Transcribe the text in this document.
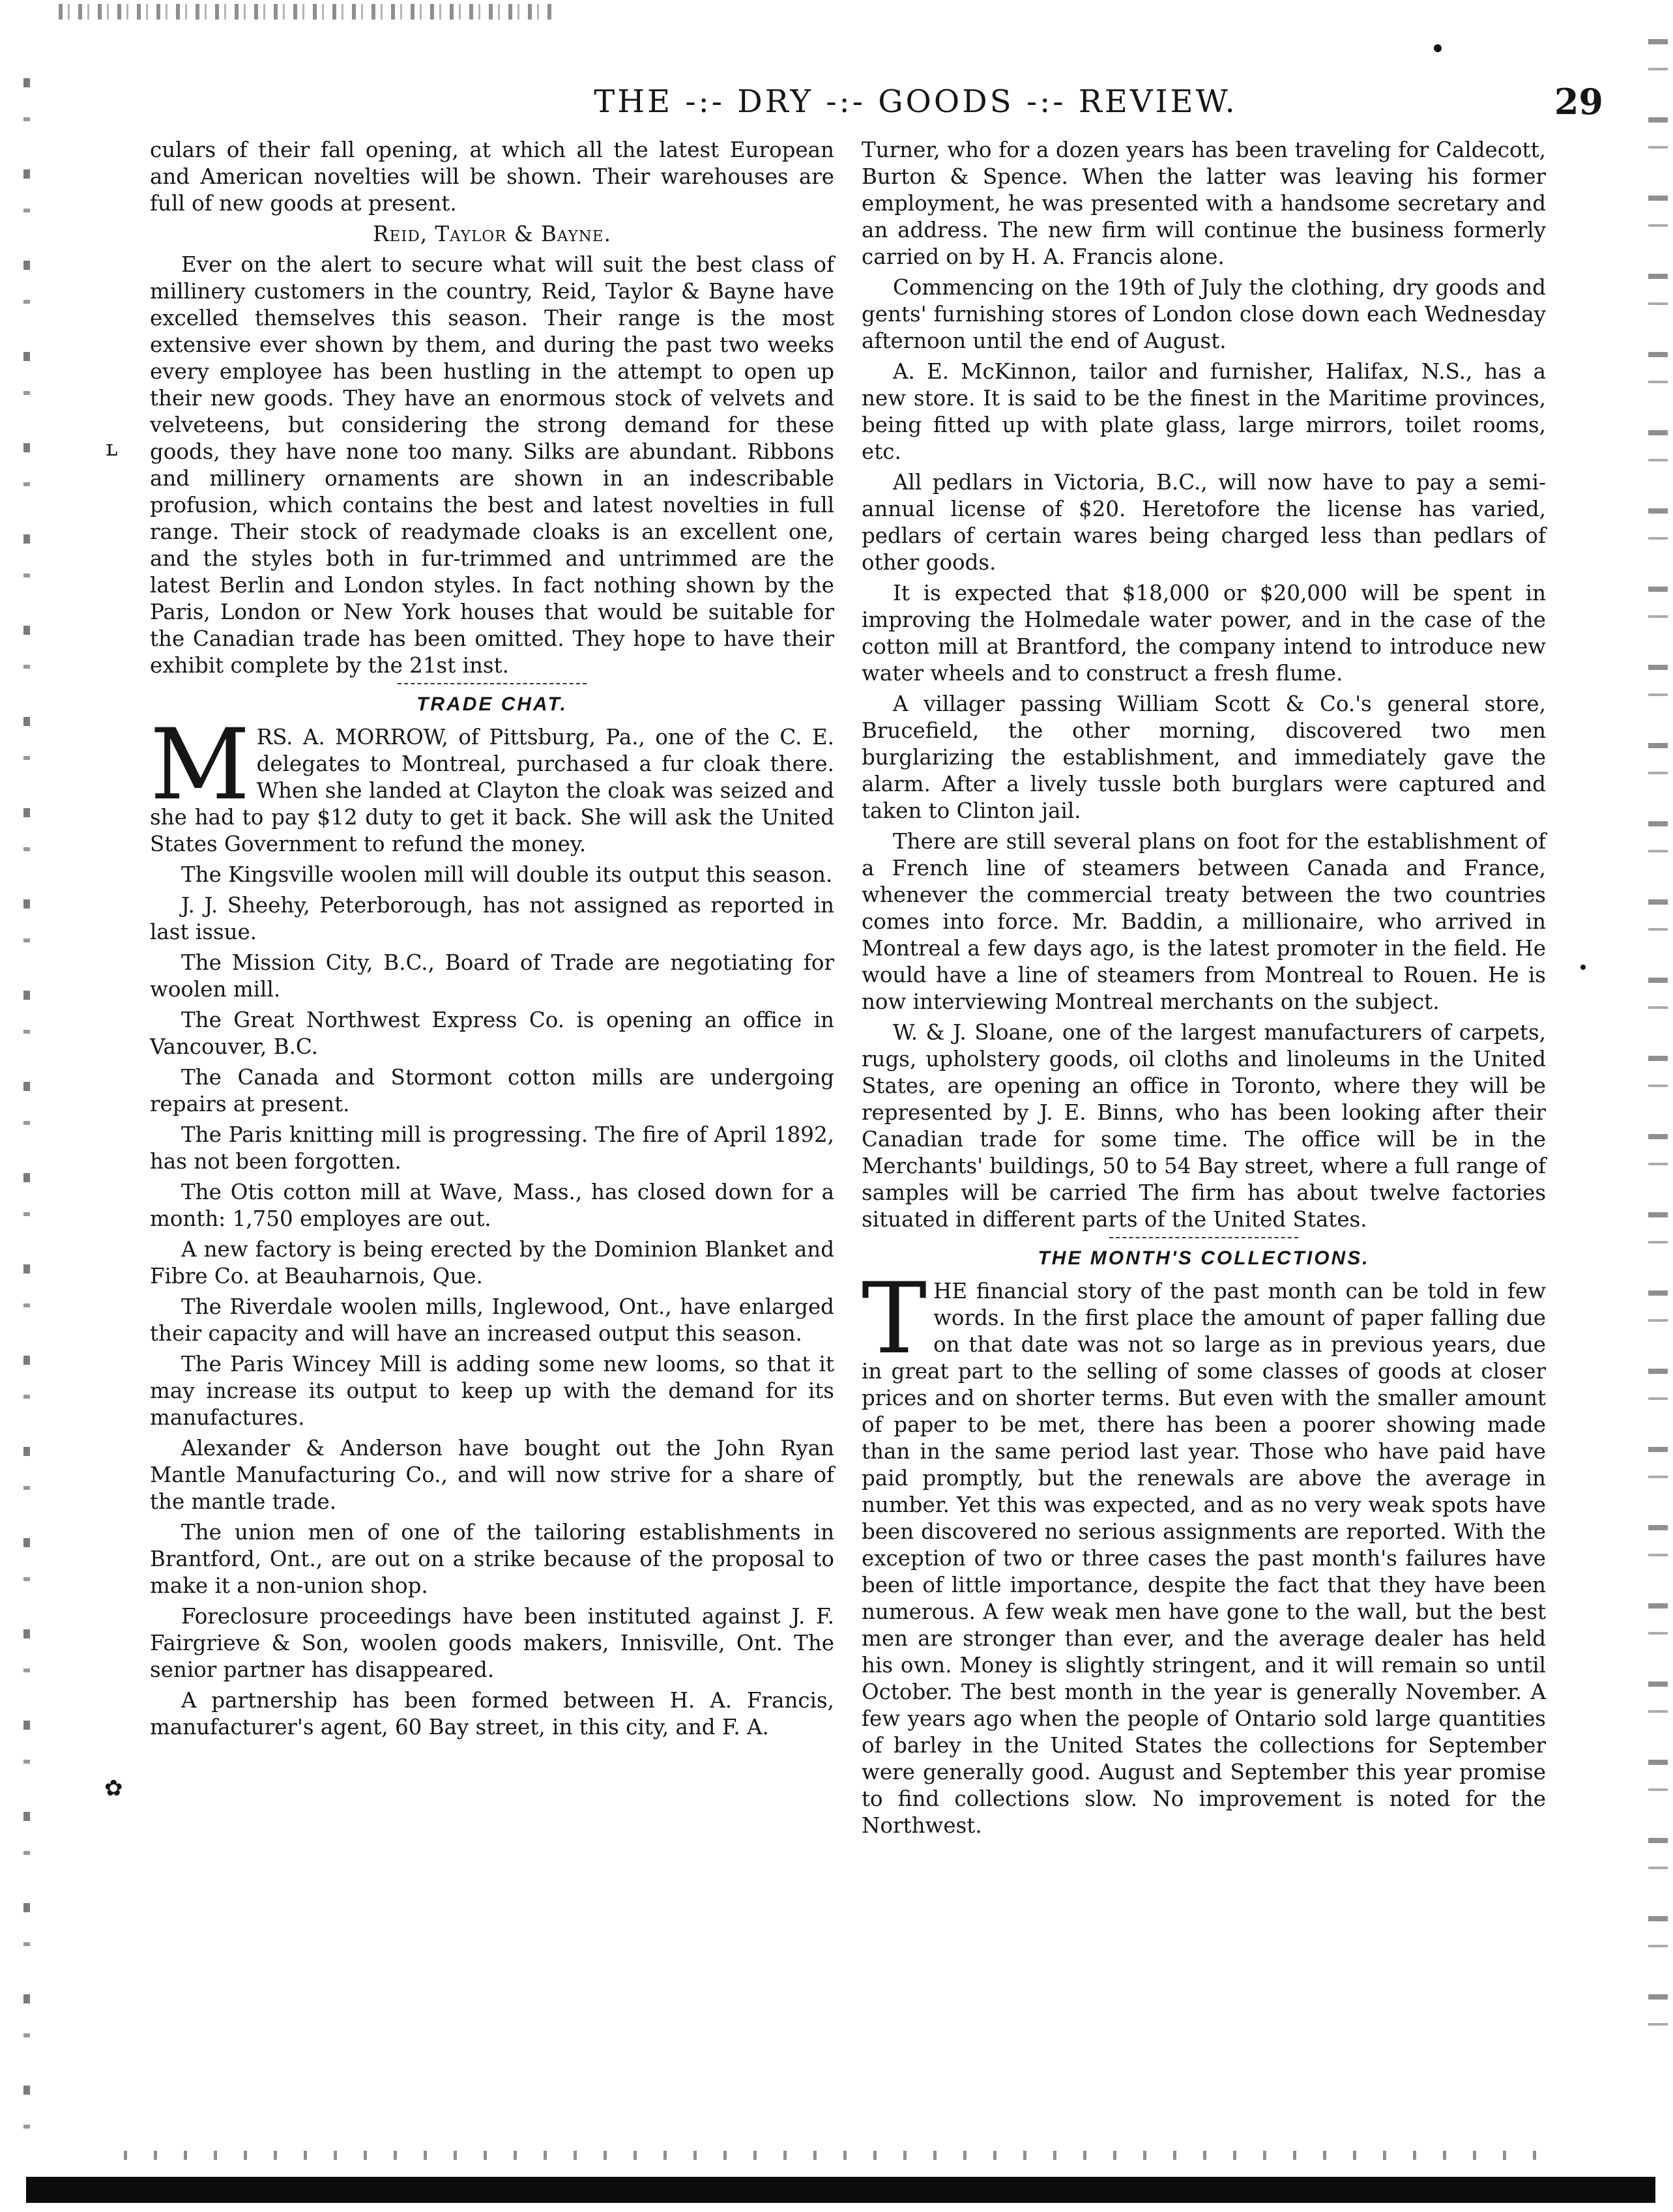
ʟ
✿
THE -:- DRY -:- GOODS -:- REVIEW.	29

culars of their fall opening, at which all the latest European and American novelties will be shown. Their warehouses are full of new goods at present.

Reid, Taylor & Bayne.

Ever on the alert to secure what will suit the best class of millinery customers in the country, Reid, Taylor & Bayne have excelled themselves this season. Their range is the most extensive ever shown by them, and during the past two weeks every employee has been hustling in the attempt to open up their new goods. They have an enormous stock of velvets and velveteens, but considering the strong demand for these goods, they have none too many. Silks are abundant. Ribbons and millinery ornaments are shown in an indescribable profusion, which contains the best and latest novelties in full range. Their stock of readymade cloaks is an excellent one, and the styles both in fur-trimmed and untrimmed are the latest Berlin and London styles. In fact nothing shown by the Paris, London or New York houses that would be suitable for the Canadian trade has been omitted. They hope to have their exhibit complete by the 21st inst.

TRADE CHAT.

MRS. A. MORROW, of Pittsburg, Pa., one of the C. E. delegates to Montreal, purchased a fur cloak there. When she landed at Clayton the cloak was seized and she had to pay $12 duty to get it back. She will ask the United States Government to refund the money.

The Kingsville woolen mill will double its output this season.

J. J. Sheehy, Peterborough, has not assigned as reported in last issue.

The Mission City, B.C., Board of Trade are negotiating for woolen mill.

The Great Northwest Express Co. is opening an office in Vancouver, B.C.

The Canada and Stormont cotton mills are undergoing repairs at present.

The Paris knitting mill is progressing. The fire of April 1892, has not been forgotten.

The Otis cotton mill at Wave, Mass., has closed down for a month: 1,750 employes are out.

A new factory is being erected by the Dominion Blanket and Fibre Co. at Beauharnois, Que.

The Riverdale woolen mills, Inglewood, Ont., have enlarged their capacity and will have an increased output this season.

The Paris Wincey Mill is adding some new looms, so that it may increase its output to keep up with the demand for its manufactures.

Alexander & Anderson have bought out the John Ryan Mantle Manufacturing Co., and will now strive for a share of the mantle trade.

The union men of one of the tailoring establishments in Brantford, Ont., are out on a strike because of the proposal to make it a non-union shop.

Foreclosure proceedings have been instituted against J. F. Fairgrieve & Son, woolen goods makers, Innisville, Ont. The senior partner has disappeared.

A partnership has been formed between H. A. Francis, manufacturer's agent, 60 Bay street, in this city, and F. A.

Turner, who for a dozen years has been traveling for Caldecott, Burton & Spence. When the latter was leaving his former employment, he was presented with a handsome secretary and an address. The new firm will continue the business formerly carried on by H. A. Francis alone.

Commencing on the 19th of July the clothing, dry goods and gents' furnishing stores of London close down each Wednesday afternoon until the end of August.

A. E. McKinnon, tailor and furnisher, Halifax, N.S., has a new store. It is said to be the finest in the Maritime provinces, being fitted up with plate glass, large mirrors, toilet rooms, etc.

All pedlars in Victoria, B.C., will now have to pay a semi-annual license of $20. Heretofore the license has varied, pedlars of certain wares being charged less than pedlars of other goods.

It is expected that $18,000 or $20,000 will be spent in improving the Holmedale water power, and in the case of the cotton mill at Brantford, the company intend to introduce new water wheels and to construct a fresh flume.

A villager passing William Scott & Co.'s general store, Brucefield, the other morning, discovered two men burglarizing the establishment, and immediately gave the alarm. After a lively tussle both burglars were captured and taken to Clinton jail.

There are still several plans on foot for the establishment of a French line of steamers between Canada and France, whenever the commercial treaty between the two countries comes into force. Mr. Baddin, a millionaire, who arrived in Montreal a few days ago, is the latest promoter in the field. He would have a line of steamers from Montreal to Rouen. He is now interviewing Montreal merchants on the subject.

W. & J. Sloane, one of the largest manufacturers of carpets, rugs, upholstery goods, oil cloths and linoleums in the United States, are opening an office in Toronto, where they will be represented by J. E. Binns, who has been looking after their Canadian trade for some time. The office will be in the Merchants' buildings, 50 to 54 Bay street, where a full range of samples will be carried The firm has about twelve factories situated in different parts of the United States.

THE MONTH'S COLLECTIONS.

THE financial story of the past month can be told in few words. In the first place the amount of paper falling due on that date was not so large as in previous years, due in great part to the selling of some classes of goods at closer prices and on shorter terms. But even with the smaller amount of paper to be met, there has been a poorer showing made than in the same period last year. Those who have paid have paid promptly, but the renewals are above the average in number. Yet this was expected, and as no very weak spots have been discovered no serious assignments are reported. With the exception of two or three cases the past month's failures have been of little importance, despite the fact that they have been numerous. A few weak men have gone to the wall, but the best men are stronger than ever, and the average dealer has held his own. Money is slightly stringent, and it will remain so until October. The best month in the year is generally November. A few years ago when the people of Ontario sold large quantities of barley in the United States the collections for September were generally good. August and September this year promise to find collections slow. No improvement is noted for the Northwest.
